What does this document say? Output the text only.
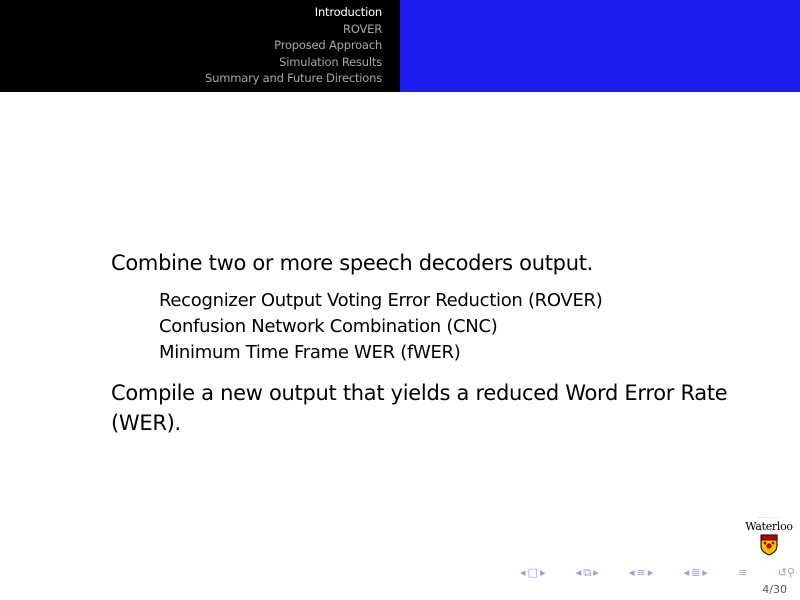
Introduction
ROVER
Proposed Approach
Simulation Results
Summary and Future Directions

Combine two or more speech decoders output.

Recognizer Output Voting Error Reduction (ROVER)
Confusion Network Combination (CNC)
Minimum Time Frame WER (fWER)

Compile a new output that yields a reduced Word Error Rate (WER).

· · · · · ·
Waterloo
◂ □ ▸	◂ ⧉ ▸	◂ ≡ ▸	◂ ≣ ▸	≡	↺⚲
4/30
